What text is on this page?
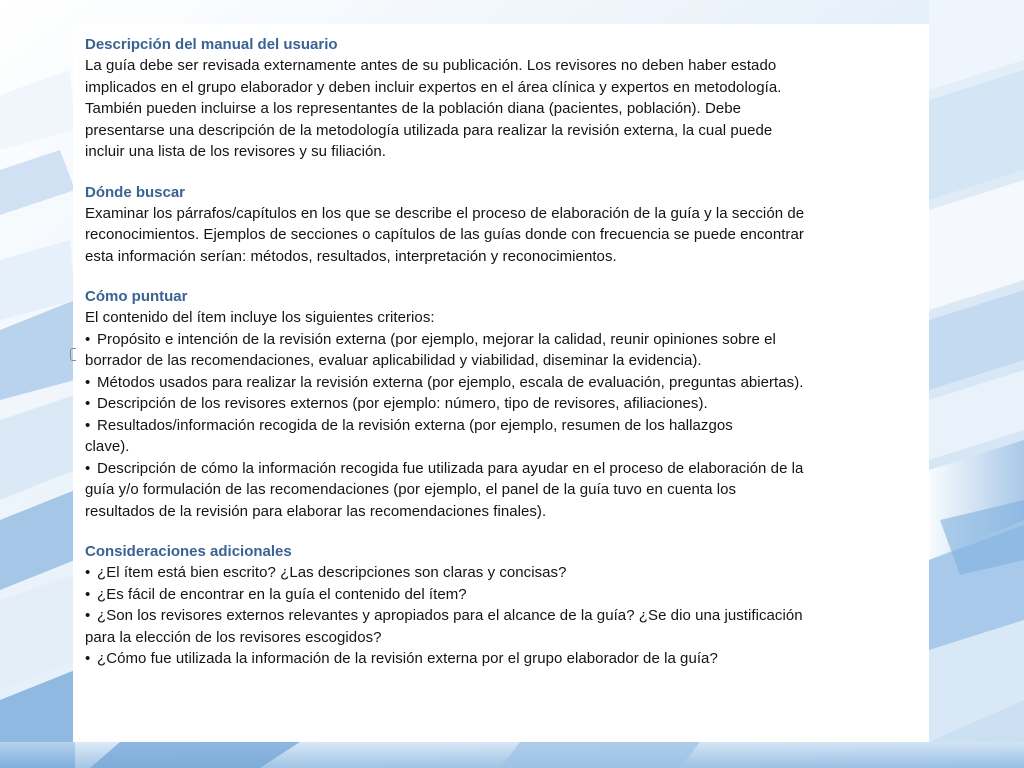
Descripción del manual del usuario

La guía debe ser revisada externamente antes de su publicación. Los revisores no deben haber estado

implicados en el grupo elaborador y deben incluir expertos en el área clínica y expertos en metodología.

También pueden incluirse a los representantes de la población diana (pacientes, población). Debe

presentarse una descripción de la metodología utilizada para realizar la revisión externa, la cual puede

incluir una lista de los revisores y su filiación.

Dónde buscar

Examinar los párrafos/capítulos en los que se describe el proceso de elaboración de la guía y la sección de

reconocimientos. Ejemplos de secciones o capítulos de las guías donde con frecuencia se puede encontrar

esta información serían: métodos, resultados, interpretación y reconocimientos.

Cómo puntuar

El contenido del ítem incluye los siguientes criterios:

• Propósito e intención de la revisión externa (por ejemplo, mejorar la calidad, reunir opiniones sobre el

borrador de las recomendaciones, evaluar aplicabilidad y viabilidad, diseminar la evidencia).

• Métodos usados para realizar la revisión externa (por ejemplo, escala de evaluación, preguntas abiertas).

• Descripción de los revisores externos (por ejemplo: número, tipo de revisores, afiliaciones).

• Resultados/información recogida de la revisión externa (por ejemplo, resumen de los hallazgos

clave).

• Descripción de cómo la información recogida fue utilizada para ayudar en el proceso de elaboración de la

guía y/o formulación de las recomendaciones (por ejemplo, el panel de la guía tuvo en cuenta los

resultados de la revisión para elaborar las recomendaciones finales).

Consideraciones adicionales

• ¿El ítem está bien escrito? ¿Las descripciones son claras y concisas?

• ¿Es fácil de encontrar en la guía el contenido del ítem?

• ¿Son los revisores externos relevantes y apropiados para el alcance de la guía? ¿Se dio una justificación

para la elección de los revisores escogidos?

• ¿Cómo fue utilizada la información de la revisión externa por el grupo elaborador de la guía?
